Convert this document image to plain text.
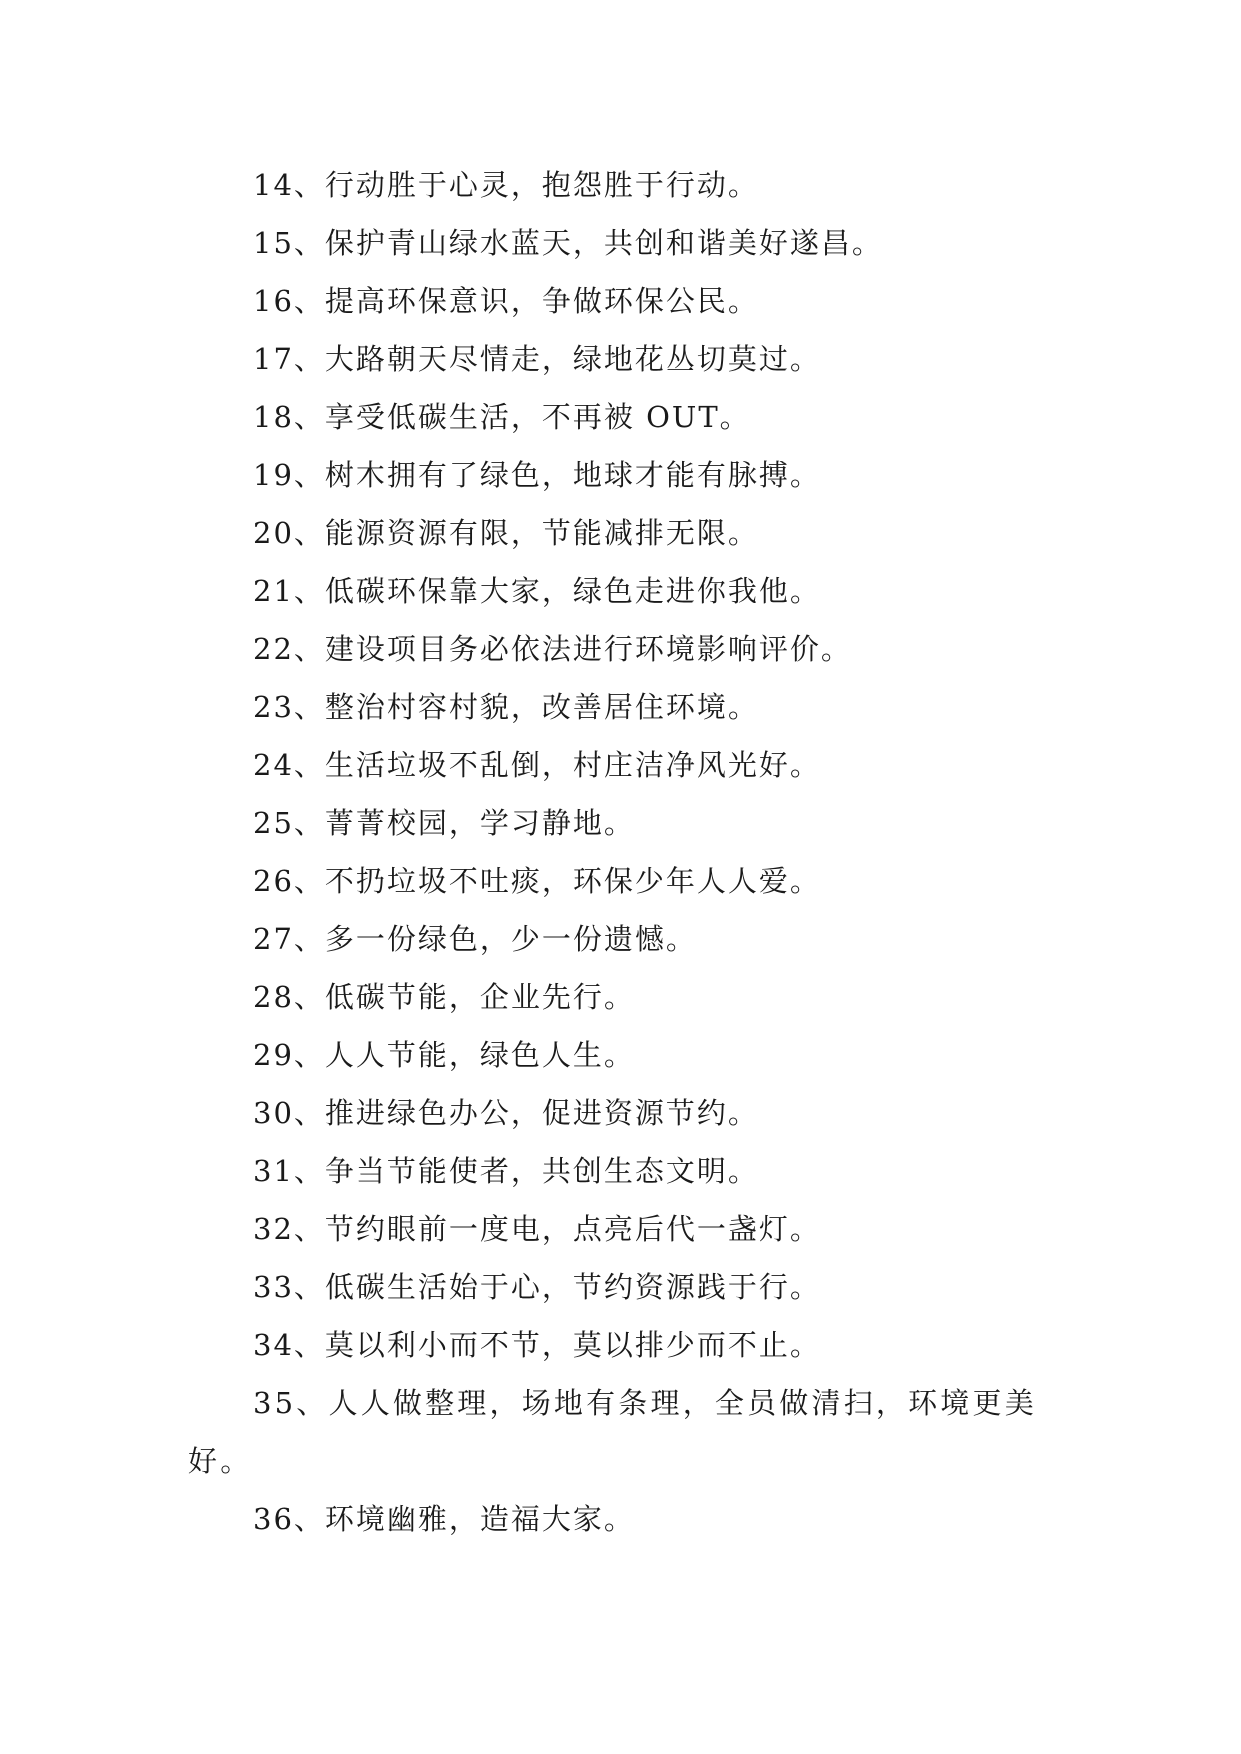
14、行动胜于心灵，抱怨胜于行动。

15、保护青山绿水蓝天，共创和谐美好遂昌。

16、提高环保意识，争做环保公民。

17、大路朝天尽情走，绿地花丛切莫过。

18、享受低碳生活，不再被 OUT。

19、树木拥有了绿色，地球才能有脉搏。

20、能源资源有限，节能减排无限。

21、低碳环保靠大家，绿色走进你我他。

22、建设项目务必依法进行环境影响评价。

23、整治村容村貌，改善居住环境。

24、生活垃圾不乱倒，村庄洁净风光好。

25、菁菁校园，学习静地。

26、不扔垃圾不吐痰，环保少年人人爱。

27、多一份绿色，少一份遗憾。

28、低碳节能，企业先行。

29、人人节能，绿色人生。

30、推进绿色办公，促进资源节约。

31、争当节能使者，共创生态文明。

32、节约眼前一度电，点亮后代一盏灯。

33、低碳生活始于心，节约资源践于行。

34、莫以利小而不节，莫以排少而不止。

35、人人做整理，场地有条理，全员做清扫，环境更美好。

36、环境幽雅，造福大家。
